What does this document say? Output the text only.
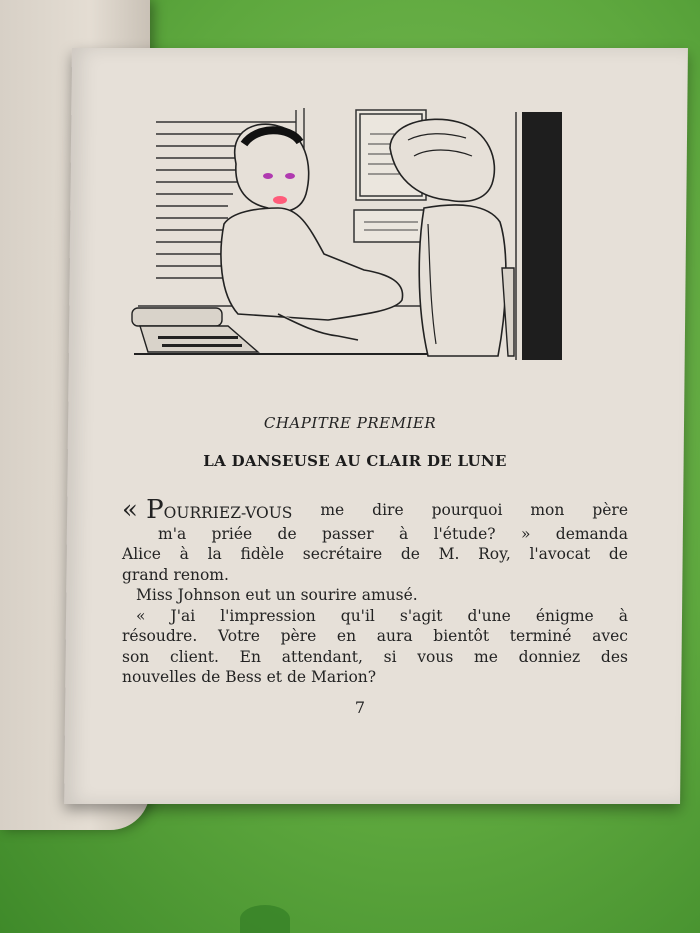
CHAPITRE PREMIER
LA DANSEUSE AU CLAIR DE LUNE
« POURRIEZ-VOUS me dire pourquoi mon père
m'a priée de passer à l'étude? » demanda
Alice à la fidèle secrétaire de M. Roy, l'avocat de
grand renom.
Miss Johnson eut un sourire amusé.
« J'ai l'impression qu'il s'agit d'une énigme à
résoudre. Votre père en aura bientôt terminé avec
son client. En attendant, si vous me donniez des
nouvelles de Bess et de Marion?
7
